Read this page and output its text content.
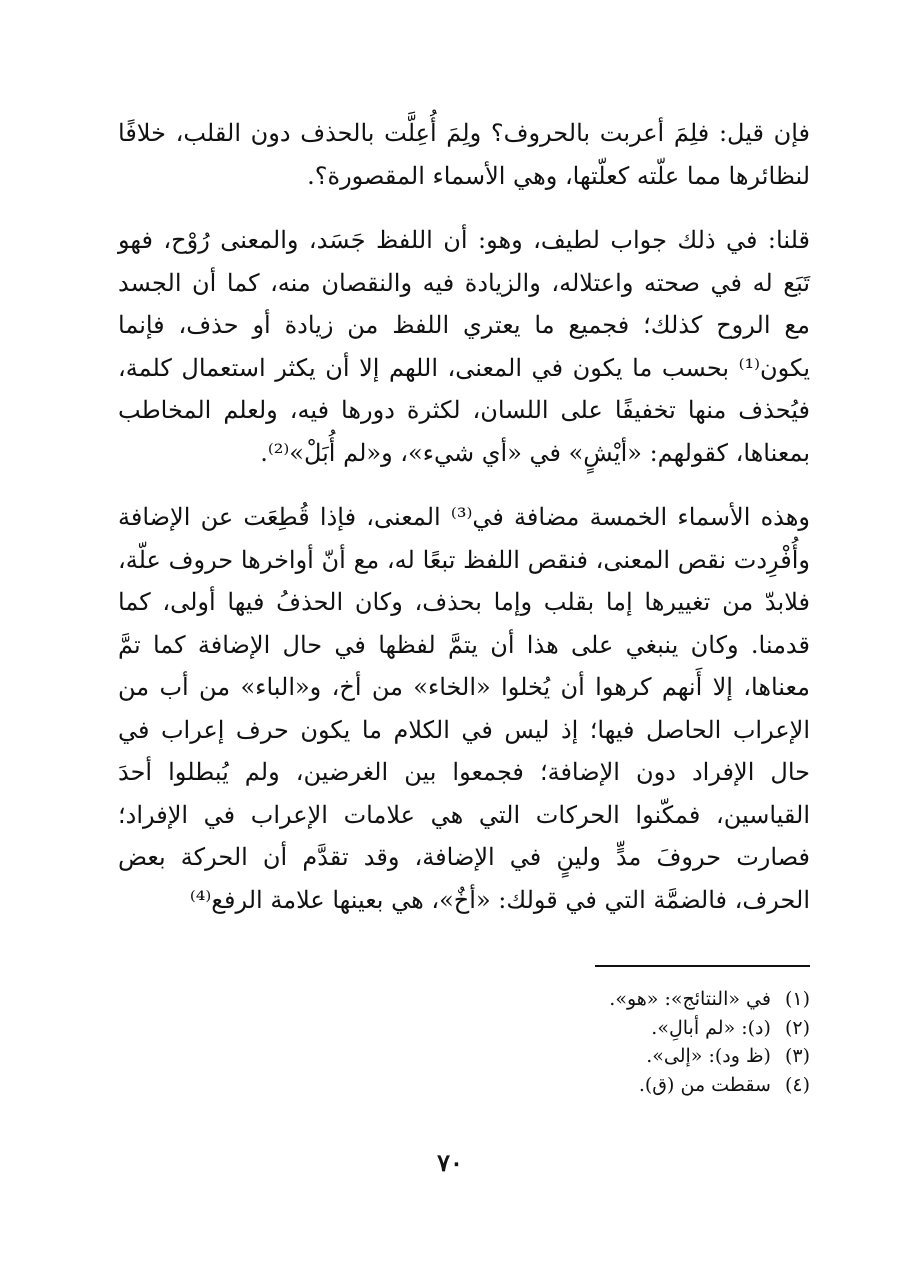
فإن قيل: فلِمَ أعربت بالحروف؟ ولِمَ أُعِلَّت بالحذف دون القلب، خلافًا لنظائرها مما علّته كعلّتها، وهي الأسماء المقصورة؟.

قلنا: في ذلك جواب لطيف، وهو: أن اللفظ جَسَد، والمعنى رُوْح، فهو تَبَع له في صحته واعتلاله، والزيادة فيه والنقصان منه، كما أن الجسد مع الروح كذلك؛ فجميع ما يعتري اللفظ من زيادة أو حذف، فإنما يكون⁽¹⁾ بحسب ما يكون في المعنى، اللهم إلا أن يكثر استعمال كلمة، فيُحذف منها تخفيفًا على اللسان، لكثرة دورها فيه، ولعلم المخاطب بمعناها، كقولهم: «أيْشٍ» في «أي شيء»، و«لم أُبَلْ»⁽²⁾.

وهذه الأسماء الخمسة مضافة في⁽³⁾ المعنى، فإذا قُطِعَت عن الإضافة وأُفْرِدت نقص المعنى، فنقص اللفظ تبعًا له، مع أنّ أواخرها حروف علّة، فلابدّ من تغييرها إما بقلب وإما بحذف، وكان الحذفُ فيها أولى، كما قدمنا. وكان ينبغي على هذا أن يتمَّ لفظها في حال الإضافة كما تمَّ معناها، إلا أَنهم كرهوا أن يُخلوا «الخاء» من أخ، و«الباء» من أب من الإعراب الحاصل فيها؛ إذ ليس في الكلام ما يكون حرف إعراب في حال الإفراد دون الإضافة؛ فجمعوا بين الغرضين، ولم يُبطلوا أحدَ القياسين، فمكّنوا الحركات التي هي علامات الإعراب في الإفراد؛ فصارت حروفَ مدٍّ ولينٍ في الإضافة، وقد تقدَّم أن الحركة بعض الحرف، فالضمَّة التي في قولك: «أخٌ»، هي بعينها علامة الرفع⁽⁴⁾

(١)في «النتائج»: «هو».
(٢)(د): «لم أبالِ».
(٣)(ظ ود): «إلى».
(٤)سقطت من (ق).
٧٠
